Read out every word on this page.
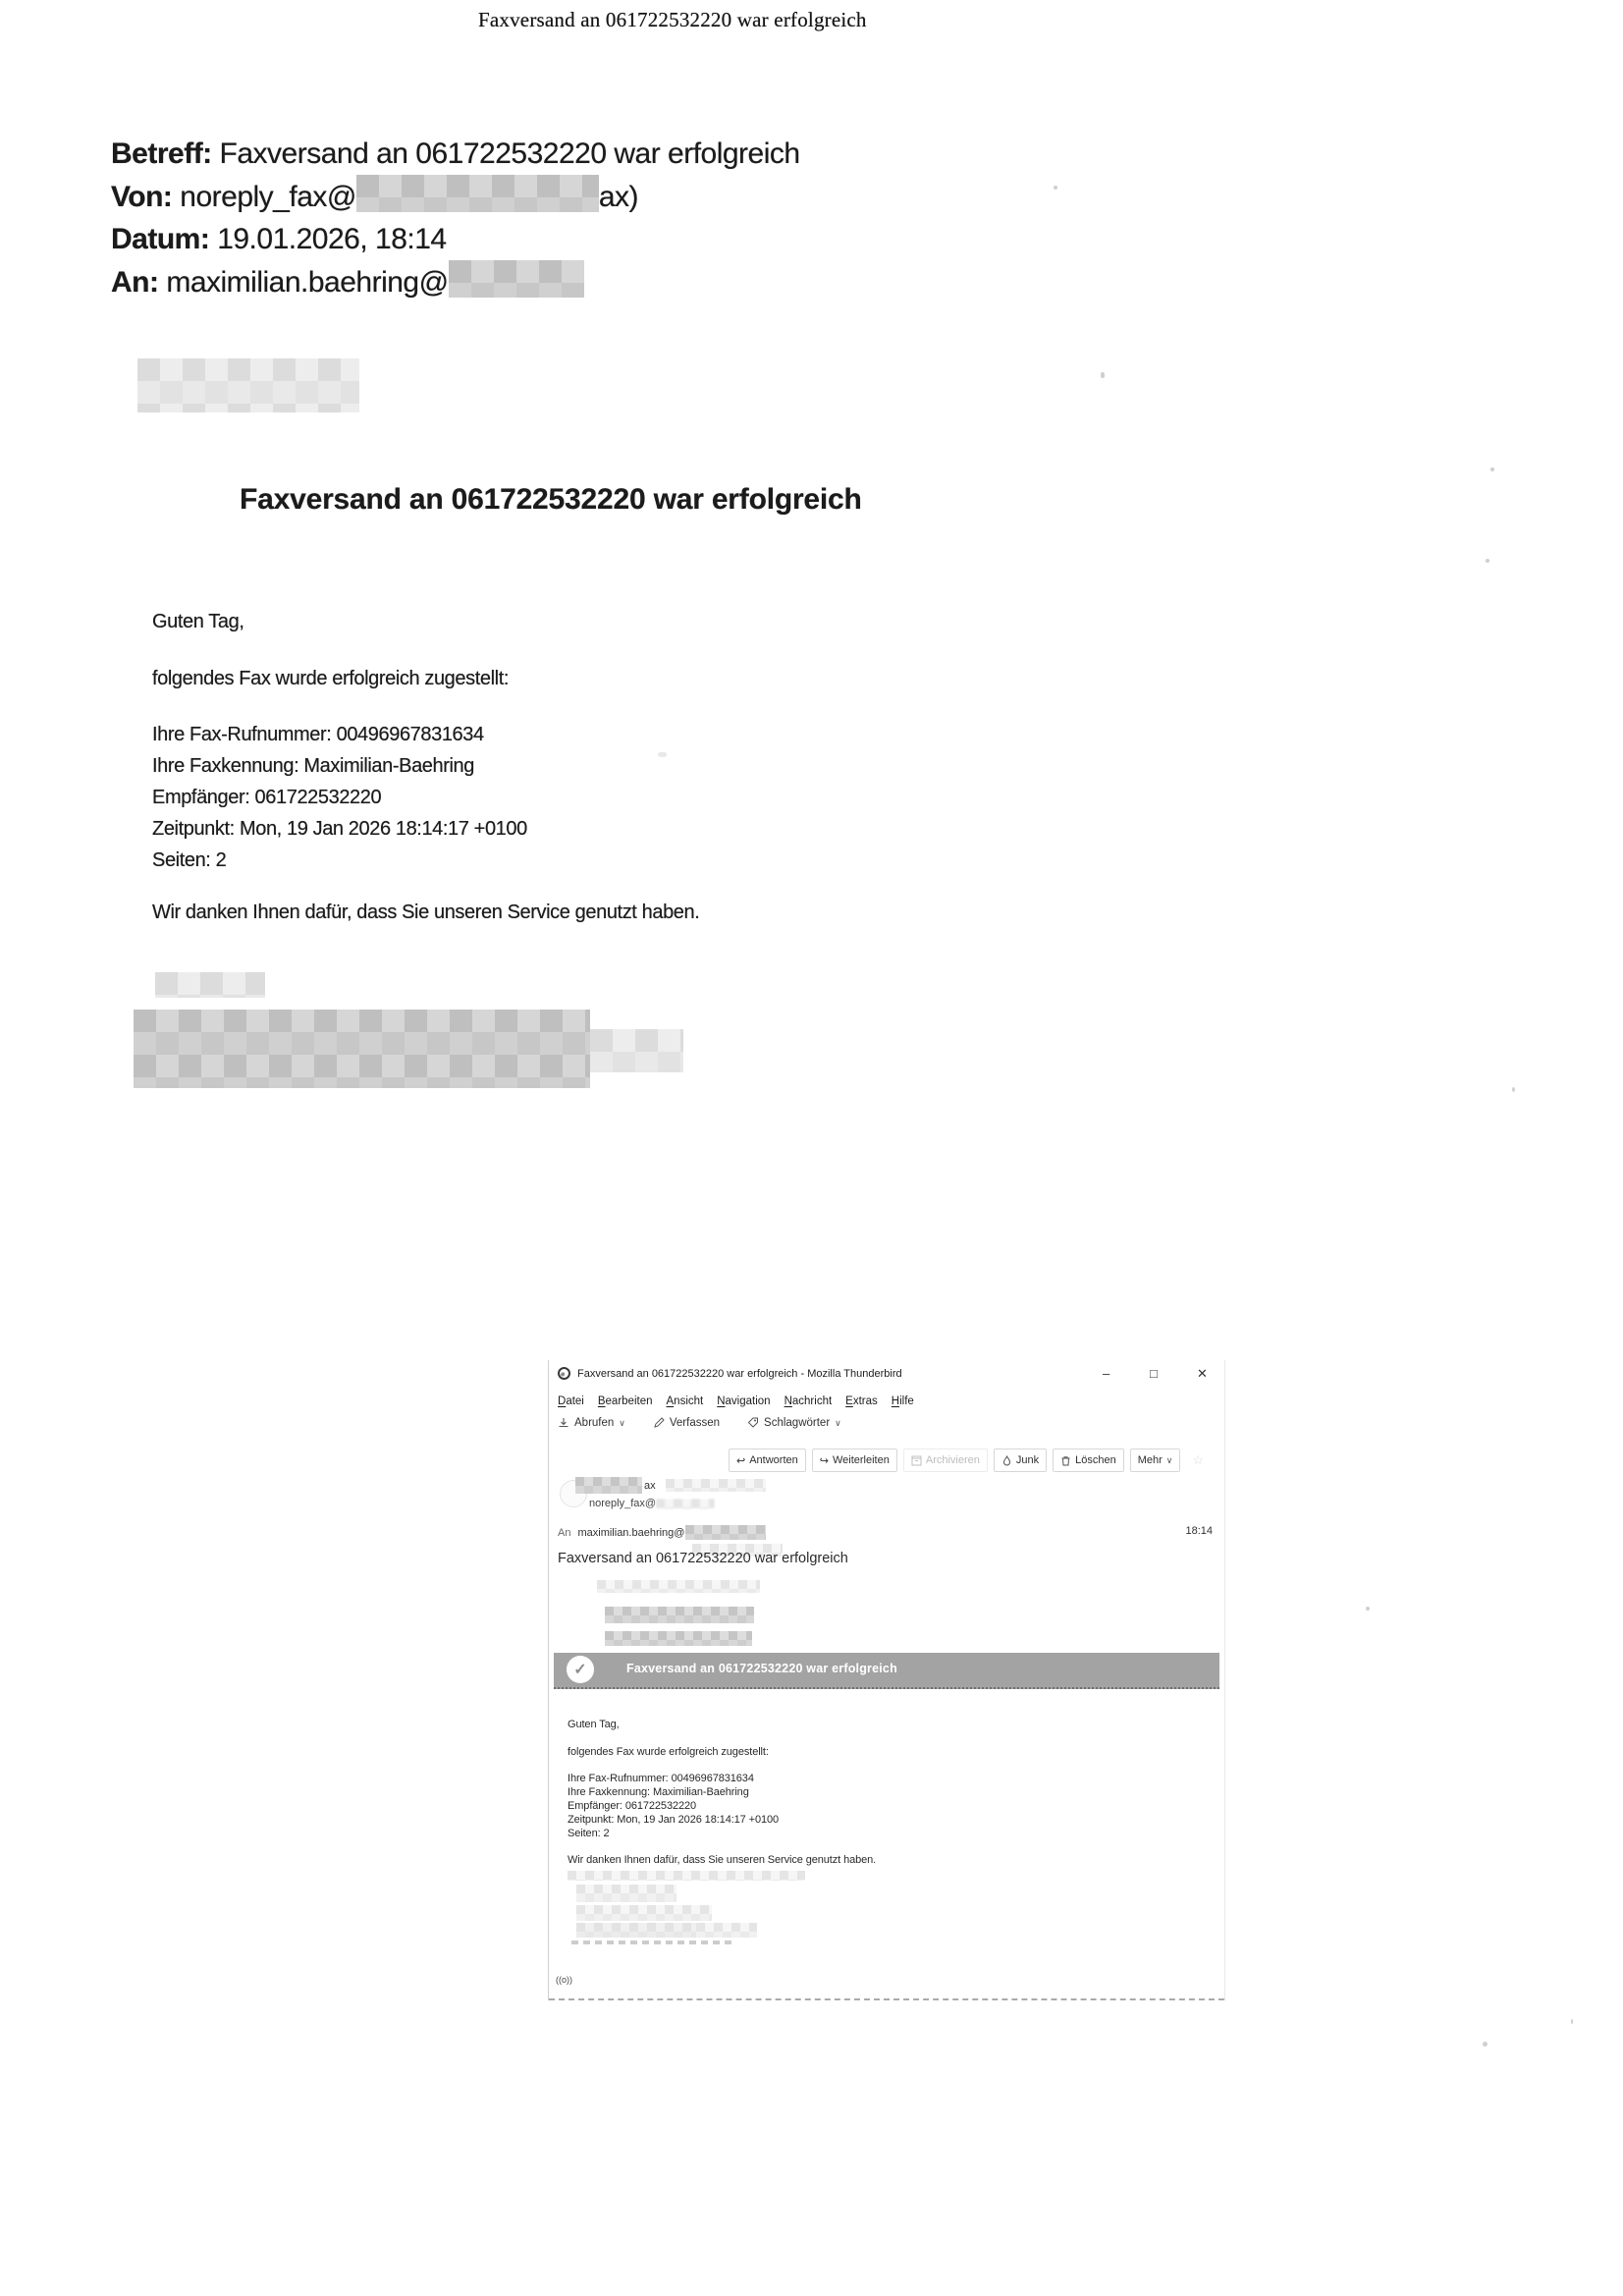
Faxversand an 061722532220 war erfolgreich
Betreff: Faxversand an 061722532220 war erfolgreich
Von: noreply_fax@	ax)
Datum: 19.01.2026, 18:14
An: maximilian.baehring@
Faxversand an 061722532220 war erfolgreich
Guten Tag,
folgendes Fax wurde erfolgreich zugestellt:
Ihre Fax-Rufnummer: 00496967831634
Ihre Faxkennung: Maximilian-Baehring
Empfänger: 061722532220
Zeitpunkt: Mon, 19 Jan 2026 18:14:17 +0100
Seiten: 2
Wir danken Ihnen dafür, dass Sie unseren Service genutzt haben.
Faxversand an 061722532220 war erfolgreich - Mozilla Thunderbird	–	□	✕
Datei Bearbeiten Ansicht Navigation Nachricht Extras Hilfe
Abrufen ∨	Verfassen	Schlagwörter ∨
↩ Antworten ↪ Weiterleiten	Archivieren	Junk	Löschen Mehr ∨ ☆
ax
noreply_fax@
An maximilian.baehring@	18:14
Faxversand an 061722532220 war erfolgreich
✓	Faxversand an 061722532220 war erfolgreich
Guten Tag,
folgendes Fax wurde erfolgreich zugestellt:
Ihre Fax-Rufnummer: 00496967831634
Ihre Faxkennung: Maximilian-Baehring
Empfänger: 061722532220
Zeitpunkt: Mon, 19 Jan 2026 18:14:17 +0100
Seiten: 2
Wir danken Ihnen dafür, dass Sie unseren Service genutzt haben.
((o))
